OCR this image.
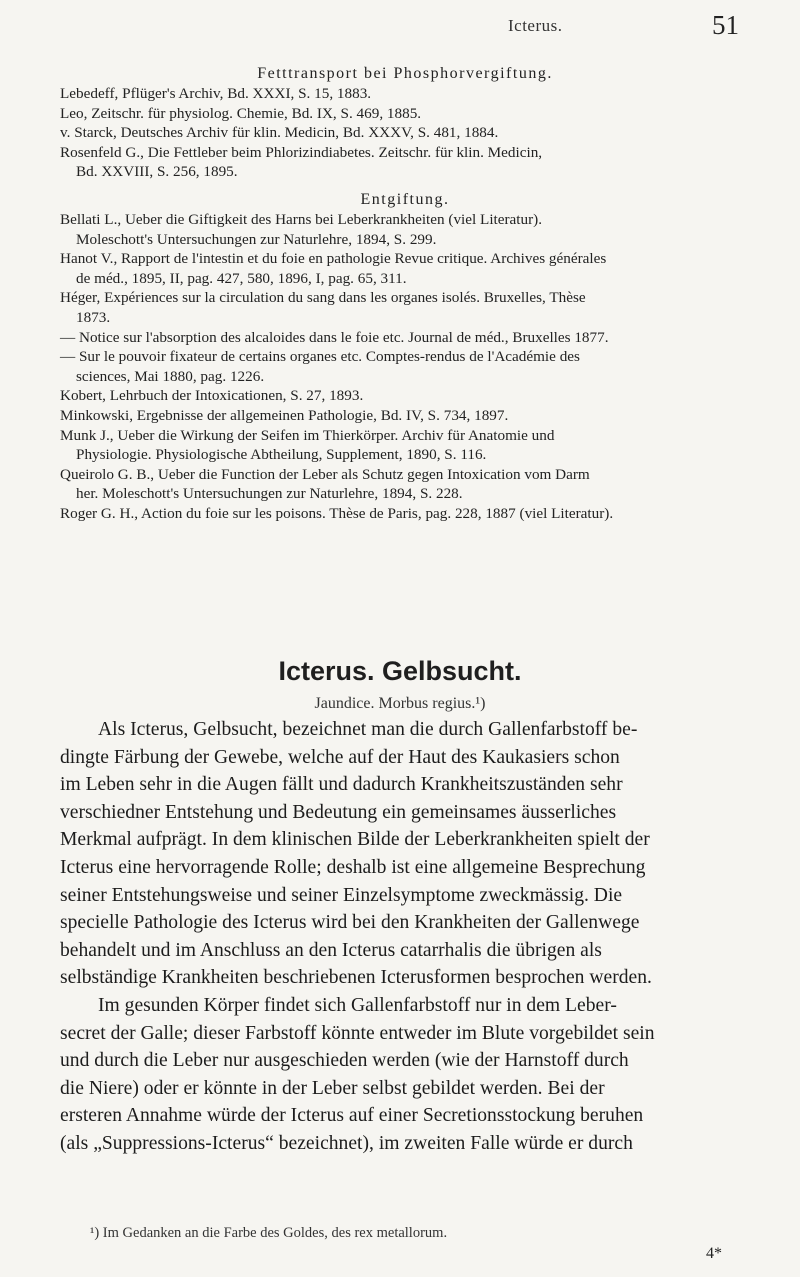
Icterus.	51
Fetttransport bei Phosphorvergiftung.
Lebedeff, Pflüger's Archiv, Bd. XXXI, S. 15, 1883.
Leo, Zeitschr. für physiolog. Chemie, Bd. IX, S. 469, 1885.
v. Starck, Deutsches Archiv für klin. Medicin, Bd. XXXV, S. 481, 1884.
Rosenfeld G., Die Fettleber beim Phlorizindiabetes. Zeitschr. für klin. Medicin,
Bd. XXVIII, S. 256, 1895.
Entgiftung.
Bellati L., Ueber die Giftigkeit des Harns bei Leberkrankheiten (viel Literatur).
Moleschott's Untersuchungen zur Naturlehre, 1894, S. 299.
Hanot V., Rapport de l'intestin et du foie en pathologie Revue critique. Archives générales
de méd., 1895, II, pag. 427, 580, 1896, I, pag. 65, 311.
Héger, Expériences sur la circulation du sang dans les organes isolés. Bruxelles, Thèse
1873.
— Notice sur l'absorption des alcaloides dans le foie etc. Journal de méd., Bruxelles 1877.
— Sur le pouvoir fixateur de certains organes etc. Comptes-rendus de l'Académie des
sciences, Mai 1880, pag. 1226.
Kobert, Lehrbuch der Intoxicationen, S. 27, 1893.
Minkowski, Ergebnisse der allgemeinen Pathologie, Bd. IV, S. 734, 1897.
Munk J., Ueber die Wirkung der Seifen im Thierkörper. Archiv für Anatomie und
Physiologie. Physiologische Abtheilung, Supplement, 1890, S. 116.
Queirolo G. B., Ueber die Function der Leber als Schutz gegen Intoxication vom Darm
her. Moleschott's Untersuchungen zur Naturlehre, 1894, S. 228.
Roger G. H., Action du foie sur les poisons. Thèse de Paris, pag. 228, 1887 (viel Literatur).
Icterus. Gelbsucht.
Jaundice. Morbus regius.¹)
Als Icterus, Gelbsucht, bezeichnet man die durch Gallenfarbstoff be-
dingte Färbung der Gewebe, welche auf der Haut des Kaukasiers schon
im Leben sehr in die Augen fällt und dadurch Krankheitszuständen sehr
verschiedner Entstehung und Bedeutung ein gemeinsames äusserliches
Merkmal aufprägt. In dem klinischen Bilde der Leberkrankheiten spielt der
Icterus eine hervorragende Rolle; deshalb ist eine allgemeine Besprechung
seiner Entstehungsweise und seiner Einzelsymptome zweckmässig. Die
specielle Pathologie des Icterus wird bei den Krankheiten der Gallenwege
behandelt und im Anschluss an den Icterus catarrhalis die übrigen als
selbständige Krankheiten beschriebenen Icterusformen besprochen werden.
Im gesunden Körper findet sich Gallenfarbstoff nur in dem Leber-
secret der Galle; dieser Farbstoff könnte entweder im Blute vorgebildet sein
und durch die Leber nur ausgeschieden werden (wie der Harnstoff durch
die Niere) oder er könnte in der Leber selbst gebildet werden. Bei der
ersteren Annahme würde der Icterus auf einer Secretionsstockung beruhen
(als „Suppressions-Icterus“ bezeichnet), im zweiten Falle würde er durch
¹) Im Gedanken an die Farbe des Goldes, des rex metallorum.
4*
